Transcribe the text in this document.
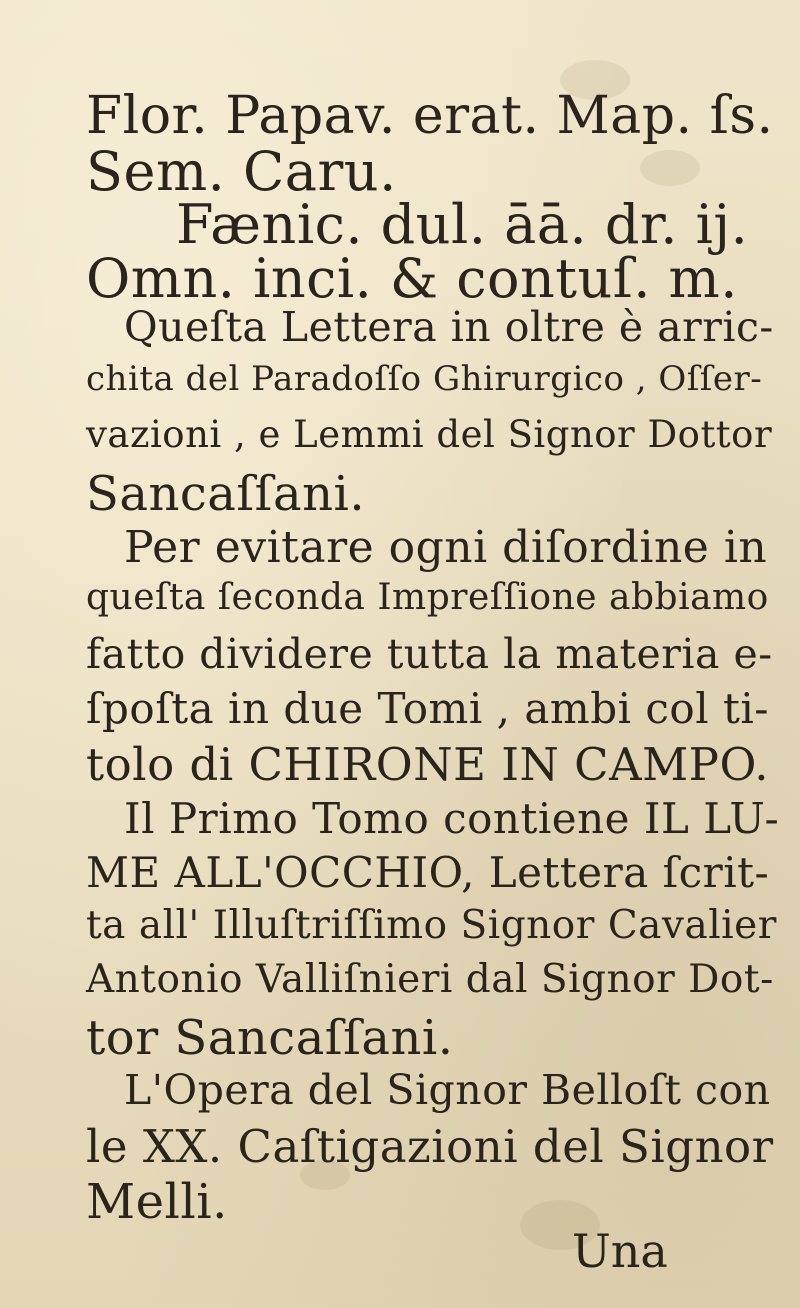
Flor. Papav. erat. Map. ſs.
Sem. Caru.
Fænic. dul. āā. dr. ij.
Omn. inci. & contuſ. m.
Queſta Lettera in oltre è arric-
chita del Paradoſſo Ghirurgico , Oſſer-
vazioni , e Lemmi del Signor Dottor
Sancaſſani.
Per evitare ogni diſordine in
queſta ſeconda Impreſſione abbiamo
fatto dividere tutta la materia e-
ſpoſta in due Tomi , ambi col ti-
tolo di CHIRONE IN CAMPO.
Il Primo Tomo contiene IL LU-
ME ALL'OCCHIO, Lettera ſcrit-
ta all' Illuſtriſſimo Signor Cavalier
Antonio Valliſnieri dal Signor Dot-
tor Sancaſſani.
L'Opera del Signor Belloſt con
le XX. Caſtigazioni del Signor
Melli.
Una
